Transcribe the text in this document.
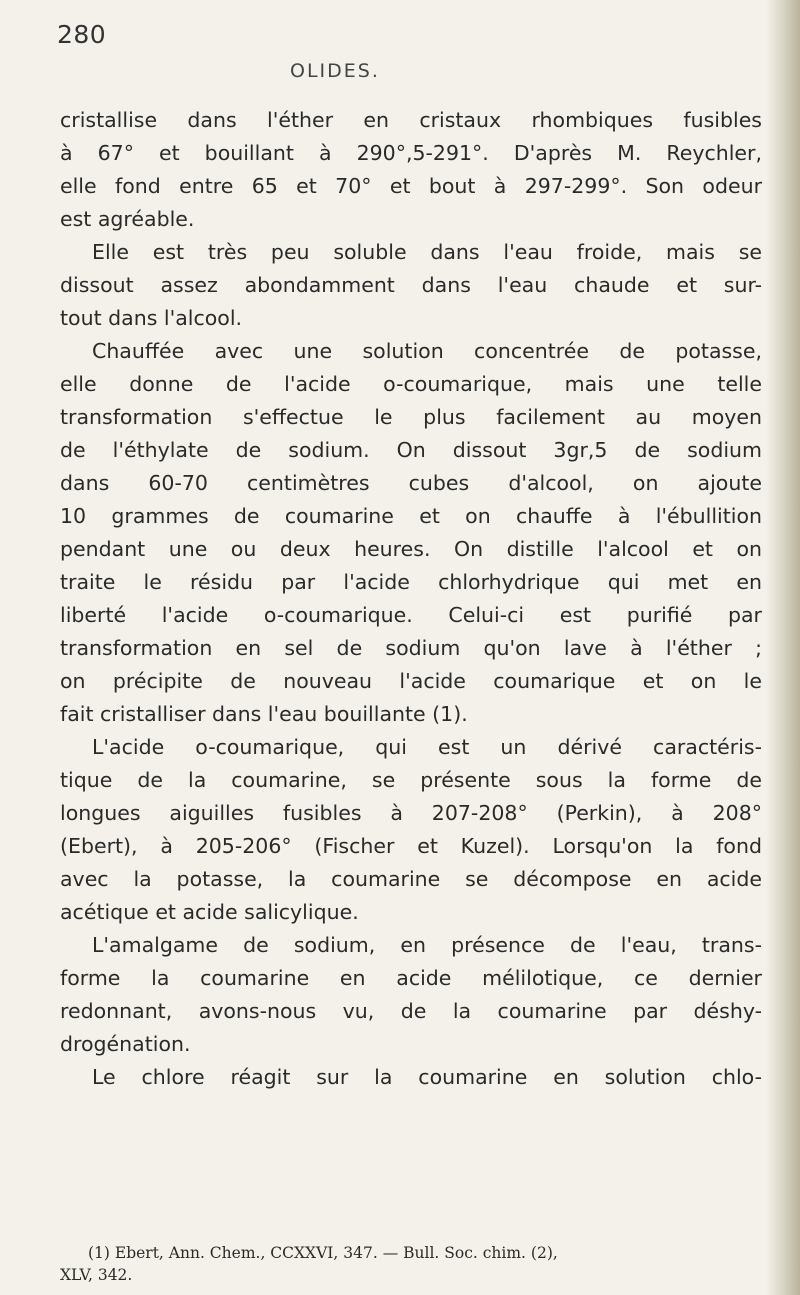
280
OLIDES.
cristallise dans l'éther en cristaux rhombiques fusibles
à 67° et bouillant à 290°,5-291°. D'après M. Reychler,
elle fond entre 65 et 70° et bout à 297-299°. Son odeur
est agréable.
Elle est très peu soluble dans l'eau froide, mais se
dissout assez abondamment dans l'eau chaude et sur-
tout dans l'alcool.
Chauffée avec une solution concentrée de potasse,
elle donne de l'acide o-coumarique, mais une telle
transformation s'effectue le plus facilement au moyen
de l'éthylate de sodium. On dissout 3gr,5 de sodium
dans 60-70 centimètres cubes d'alcool, on ajoute
10 grammes de coumarine et on chauffe à l'ébullition
pendant une ou deux heures. On distille l'alcool et on
traite le résidu par l'acide chlorhydrique qui met en
liberté l'acide o-coumarique. Celui-ci est purifié par
transformation en sel de sodium qu'on lave à l'éther ;
on précipite de nouveau l'acide coumarique et on le
fait cristalliser dans l'eau bouillante (1).
L'acide o-coumarique, qui est un dérivé caractéris-
tique de la coumarine, se présente sous la forme de
longues aiguilles fusibles à 207-208° (Perkin), à 208°
(Ebert), à 205-206° (Fischer et Kuzel). Lorsqu'on la fond
avec la potasse, la coumarine se décompose en acide
acétique et acide salicylique.
L'amalgame de sodium, en présence de l'eau, trans-
forme la coumarine en acide mélilotique, ce dernier
redonnant, avons-nous vu, de la coumarine par déshy-
drogénation.
Le chlore réagit sur la coumarine en solution chlo-
(1) Ebert, Ann. Chem., CCXXVI, 347. — Bull. Soc. chim. (2),
XLV, 342.
